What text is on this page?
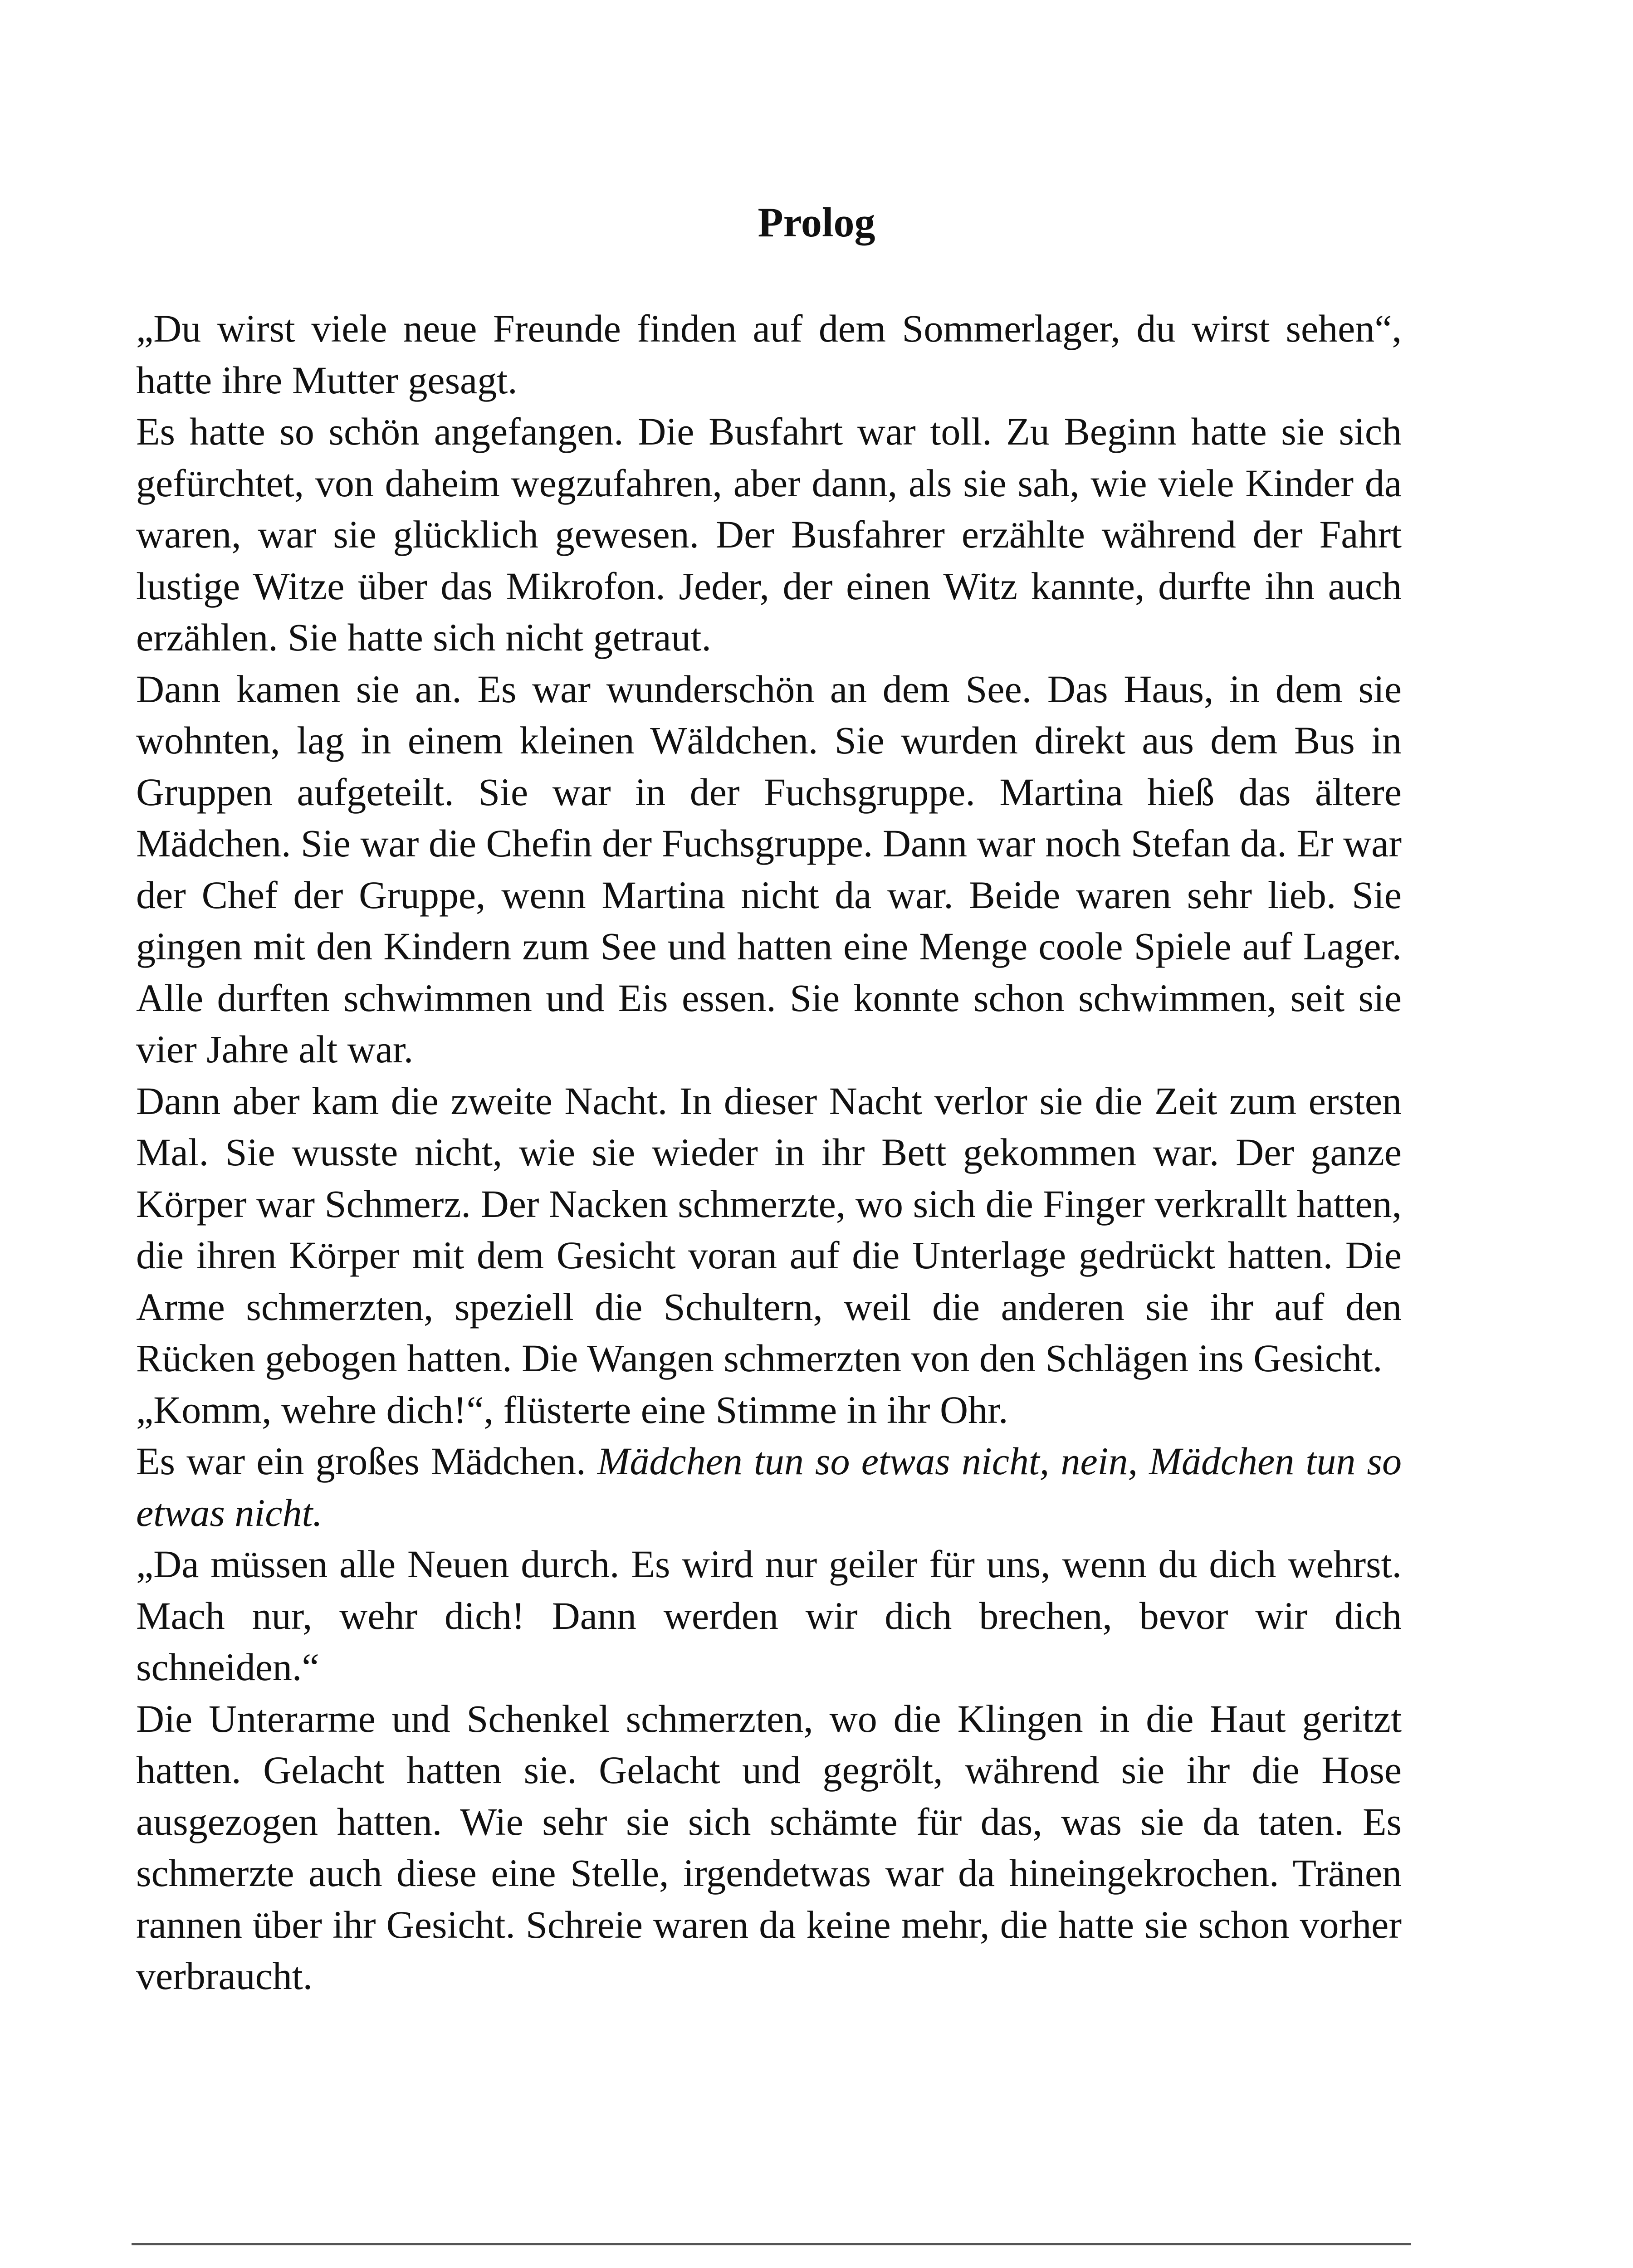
Prolog

„Du wirst viele neue Freunde finden auf dem Sommerlager, du wirst sehen“, hatte ihre Mutter gesagt.

Es hatte so schön angefangen. Die Busfahrt war toll. Zu Beginn hatte sie sich gefürchtet, von daheim wegzufahren, aber dann, als sie sah, wie viele Kinder da waren, war sie glücklich gewesen. Der Busfahrer erzählte während der Fahrt lustige Witze über das Mikrofon. Jeder, der einen Witz kannte, durfte ihn auch erzählen. Sie hatte sich nicht getraut.

Dann kamen sie an. Es war wunderschön an dem See. Das Haus, in dem sie wohnten, lag in einem kleinen Wäldchen. Sie wurden direkt aus dem Bus in Gruppen aufgeteilt. Sie war in der Fuchsgruppe. Martina hieß das ältere Mädchen. Sie war die Chefin der Fuchsgruppe. Dann war noch Stefan da. Er war der Chef der Gruppe, wenn Martina nicht da war. Beide waren sehr lieb. Sie gingen mit den Kindern zum See und hatten eine Menge coole Spiele auf Lager. Alle durften schwimmen und Eis essen. Sie konnte schon schwimmen, seit sie vier Jahre alt war.

Dann aber kam die zweite Nacht. In dieser Nacht verlor sie die Zeit zum ersten Mal. Sie wusste nicht, wie sie wieder in ihr Bett gekommen war. Der ganze Körper war Schmerz. Der Nacken schmerzte, wo sich die Finger verkrallt hatten, die ihren Körper mit dem Gesicht voran auf die Unterlage gedrückt hatten. Die Arme schmerzten, speziell die Schultern, weil die anderen sie ihr auf den Rücken gebogen hatten. Die Wangen schmerzten von den Schlägen ins Gesicht.

„Komm, wehre dich!“, flüsterte eine Stimme in ihr Ohr.

Es war ein großes Mädchen. Mädchen tun so etwas nicht, nein, Mädchen tun so etwas nicht.

„Da müssen alle Neuen durch. Es wird nur geiler für uns, wenn du dich wehrst. Mach nur, wehr dich! Dann werden wir dich brechen, bevor wir dich schneiden.“

Die Unterarme und Schenkel schmerzten, wo die Klingen in die Haut geritzt hatten. Gelacht hatten sie. Gelacht und gegrölt, während sie ihr die Hose ausgezogen hatten. Wie sehr sie sich schämte für das, was sie da taten. Es schmerzte auch diese eine Stelle, irgendetwas war da hineingekrochen. Tränen rannen über ihr Gesicht. Schreie waren da keine mehr, die hatte sie schon vorher verbraucht.
